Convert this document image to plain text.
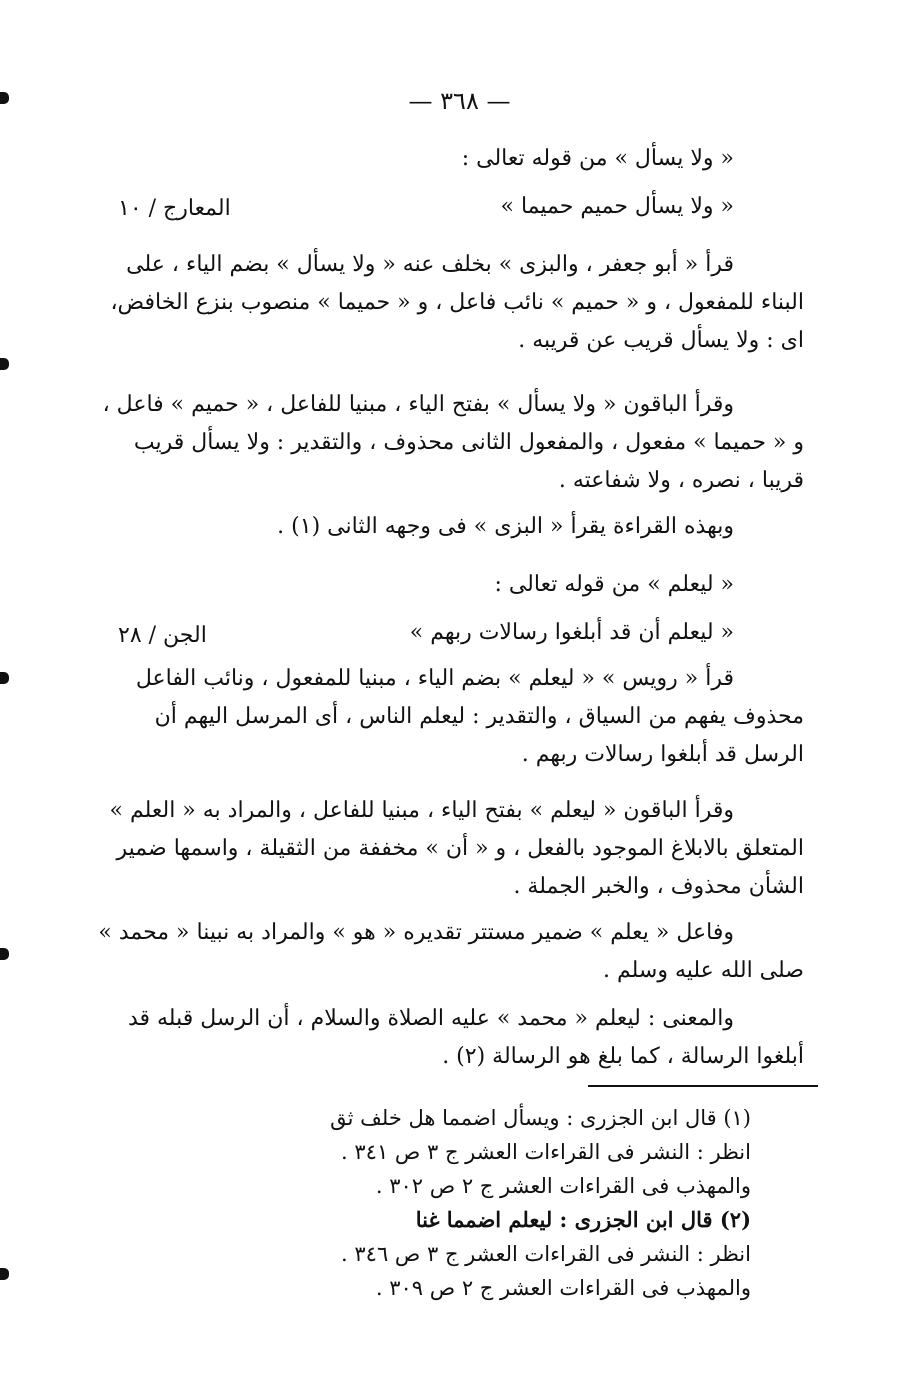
— ٣٦٨ —
« ولا يسأل » من قوله تعالى :
« ولا يسأل حميم حميما »
المعارج / ١٠
قرأ « أبو جعفر ، والبزى » بخلف عنه « ولا يسأل » بضم الياء ، على
البناء للمفعول ، و « حميم » نائب فاعل ، و « حميما » منصوب بنزع الخافض،
اى : ولا يسأل قريب عن قريبه .
وقرأ الباقون « ولا يسأل » بفتح الياء ، مبنيا للفاعل ، « حميم » فاعل ،
و « حميما » مفعول ، والمفعول الثانى محذوف ، والتقدير : ولا يسأل قريب
قريبا ، نصره ، ولا شفاعته .
وبهذه القراءة يقرأ « البزى » فى وجهه الثانى (١) .
« ليعلم » من قوله تعالى :
« ليعلم أن قد أبلغوا رسالات ربهم »
الجن / ٢٨
قرأ « رويس » « ليعلم » بضم الياء ، مبنيا للمفعول ، ونائب الفاعل
محذوف يفهم من السياق ، والتقدير : ليعلم الناس ، أى المرسل اليهم أن
الرسل قد أبلغوا رسالات ربهم .
وقرأ الباقون « ليعلم » بفتح الياء ، مبنيا للفاعل ، والمراد به « العلم »
المتعلق بالابلاغ الموجود بالفعل ، و « أن » مخففة من الثقيلة ، واسمها ضمير
الشأن محذوف ، والخبر الجملة .
وفاعل « يعلم » ضمير مستتر تقديره « هو » والمراد به نبينا « محمد »
صلى الله عليه وسلم .
والمعنى : ليعلم « محمد » عليه الصلاة والسلام ، أن الرسل قبله قد
أبلغوا الرسالة ، كما بلغ هو الرسالة (٢) .
(١) قال ابن الجزرى : ويسأل اضمما هل خلف ثق
انظر : النشر فى القراءات العشر ج ٣ ص ٣٤١ .
والمهذب فى القراءات العشر ج ٢ ص ٣٠٢ .
(٢) قال ابن الجزرى : ليعلم اضمما غنا
انظر : النشر فى القراءات العشر ج ٣ ص ٣٤٦ .
والمهذب فى القراءات العشر ج ٢ ص ٣٠٩ .
